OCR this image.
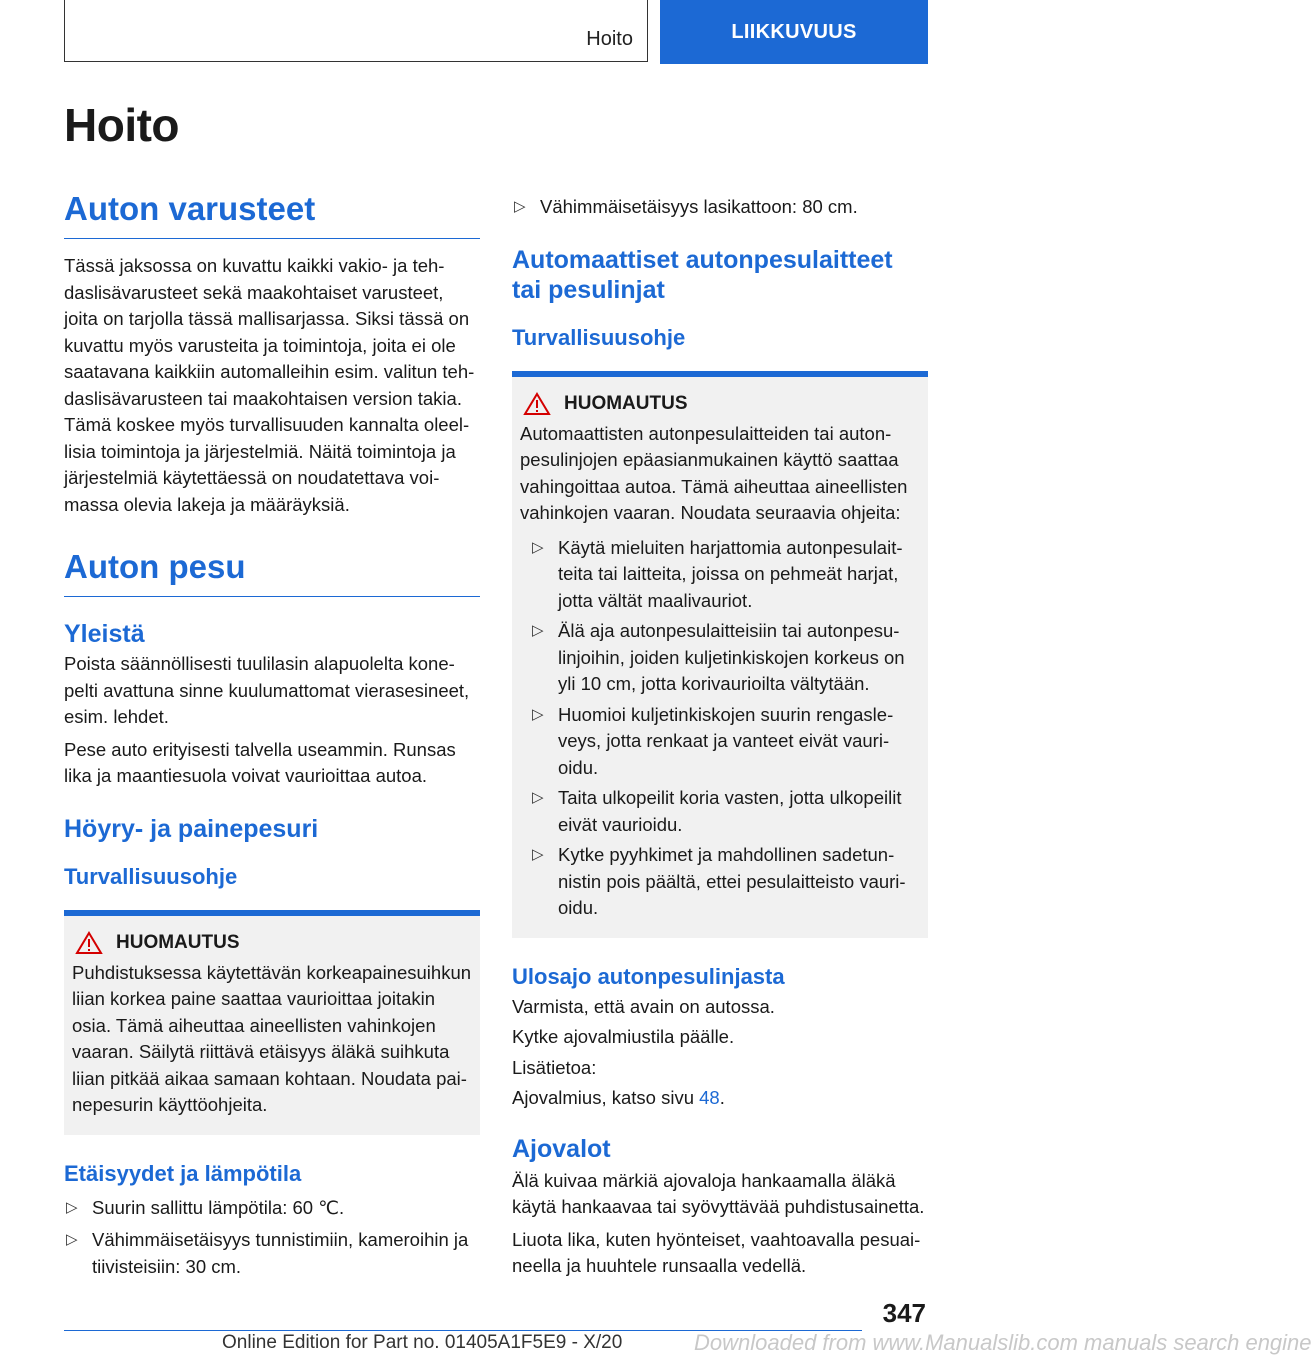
Hoito	LIIKKUVUUS
Hoito
Auton varusteet

Tässä jaksossa on kuvattu kaikki vakio- ja tehdaslisävarusteet sekä maakohtaiset varusteet, joita on tarjolla tässä mallisarjassa. Siksi tässä on kuvattu myös varusteita ja toimintoja, joita ei ole saatavana kaikkiin automalleihin esim. valitun tehdaslisävarusteen tai maakohtaisen version takia. Tämä koskee myös turvallisuuden kannalta oleellisia toimintoja ja järjestelmiä. Näitä toimintoja ja järjestelmiä käytettäessä on noudatettava voimassa olevia lakeja ja määräyksiä.

Auton pesu
Yleistä

Poista säännöllisesti tuulilasin alapuolelta konepelti avattuna sinne kuulumattomat vierasesineet, esim. lehdet.

Pese auto erityisesti talvella useammin. Runsas lika ja maantiesuola voivat vaurioittaa autoa.

Höyry- ja painepesuri
Turvallisuusohje
HUOMAUTUS

Puhdistuksessa käytettävän korkeapainesuihkun liian korkea paine saattaa vaurioittaa joitakin osia. Tämä aiheuttaa aineellisten vahinkojen vaaran. Säilytä riittävä etäisyys äläkä suihkuta liian pitkää aikaa samaan kohtaan. Noudata painepesurin käyttöohjeita.

Etäisyydet ja lämpötila
▷ Suurin sallittu lämpötila: 60 ℃.
▷ Vähimmäisetäisyys tunnistimiin, kameroihin ja tiivisteisiin: 30 cm.
▷ Vähimmäisetäisyys lasikattoon: 80 cm.
Automaattiset autonpesulaitteet tai pesulinjat
Turvallisuusohje
HUOMAUTUS

Automaattisten autonpesulaitteiden tai autonpesulinjojen epäasianmukainen käyttö saattaa vahingoittaa autoa. Tämä aiheuttaa aineellisten vahinkojen vaaran. Noudata seuraavia ohjeita:

▷ Käytä mieluiten harjattomia autonpesulaitteita tai laitteita, joissa on pehmeät harjat, jotta vältät maalivauriot.
▷ Älä aja autonpesulaitteisiin tai autonpesulinjoihin, joiden kuljetinkiskojen korkeus on yli 10 cm, jotta korivaurioilta vältytään.
▷ Huomioi kuljetinkiskojen suurin rengasleveys, jotta renkaat ja vanteet eivät vaurioidu.
▷ Taita ulkopeilit koria vasten, jotta ulkopeilit eivät vaurioidu.
▷ Kytke pyyhkimet ja mahdollinen sadetunnistin pois päältä, ettei pesulaitteisto vaurioidu.
Ulosajo autonpesulinjasta

Varmista, että avain on autossa.

Kytke ajovalmiustila päälle.

Lisätietoa:

Ajovalmius, katso sivu 48.

Ajovalot

Älä kuivaa märkiä ajovaloja hankaamalla äläkä käytä hankaavaa tai syövyttävää puhdistusainetta.

Liuota lika, kuten hyönteiset, vaahtoavalla pesuaineella ja huuhtele runsaalla vedellä.

347
Online Edition for Part no. 01405A1F5E9 - X/20	Downloaded from www.Manualslib.com manuals search engine
